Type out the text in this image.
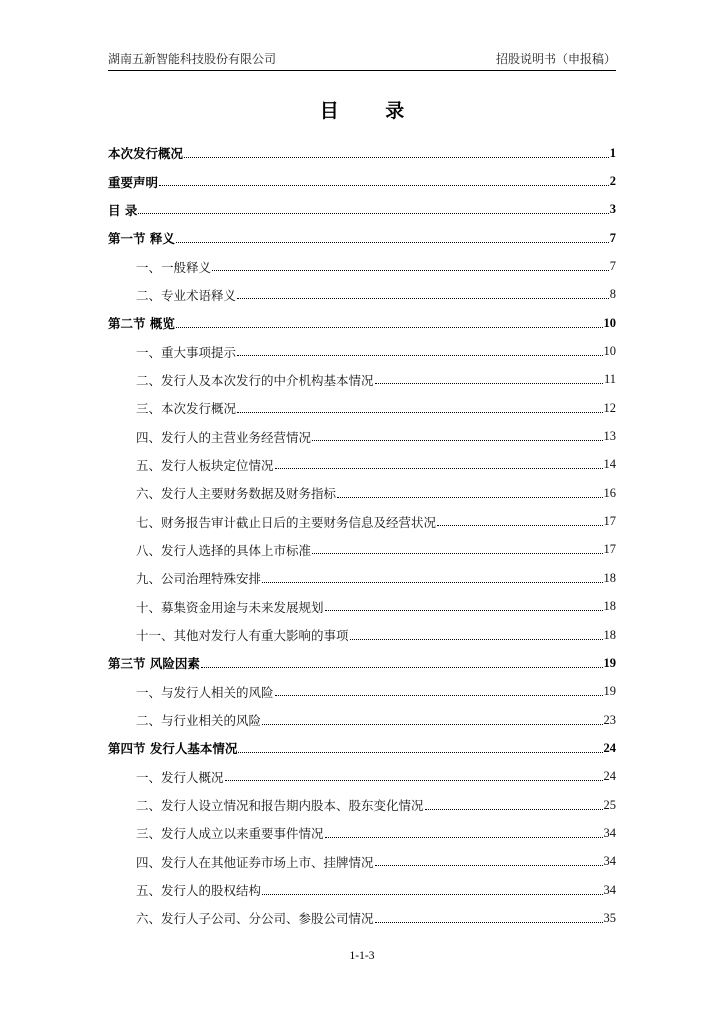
湖南五新智能科技股份有限公司	招股说明书（申报稿）
目 录
本次发行概况	1
重要声明	2
目 录	3
第一节 释义	7
一、一般释义	7
二、专业术语释义	8
第二节 概览	10
一、重大事项提示	10
二、发行人及本次发行的中介机构基本情况	11
三、本次发行概况	12
四、发行人的主营业务经营情况	13
五、发行人板块定位情况	14
六、发行人主要财务数据及财务指标	16
七、财务报告审计截止日后的主要财务信息及经营状况	17
八、发行人选择的具体上市标准	17
九、公司治理特殊安排	18
十、募集资金用途与未来发展规划	18
十一、其他对发行人有重大影响的事项	18
第三节 风险因素	19
一、与发行人相关的风险	19
二、与行业相关的风险	23
第四节 发行人基本情况	24
一、发行人概况	24
二、发行人设立情况和报告期内股本、股东变化情况	25
三、发行人成立以来重要事件情况	34
四、发行人在其他证券市场上市、挂牌情况	34
五、发行人的股权结构	34
六、发行人子公司、分公司、参股公司情况	35
1-1-3
